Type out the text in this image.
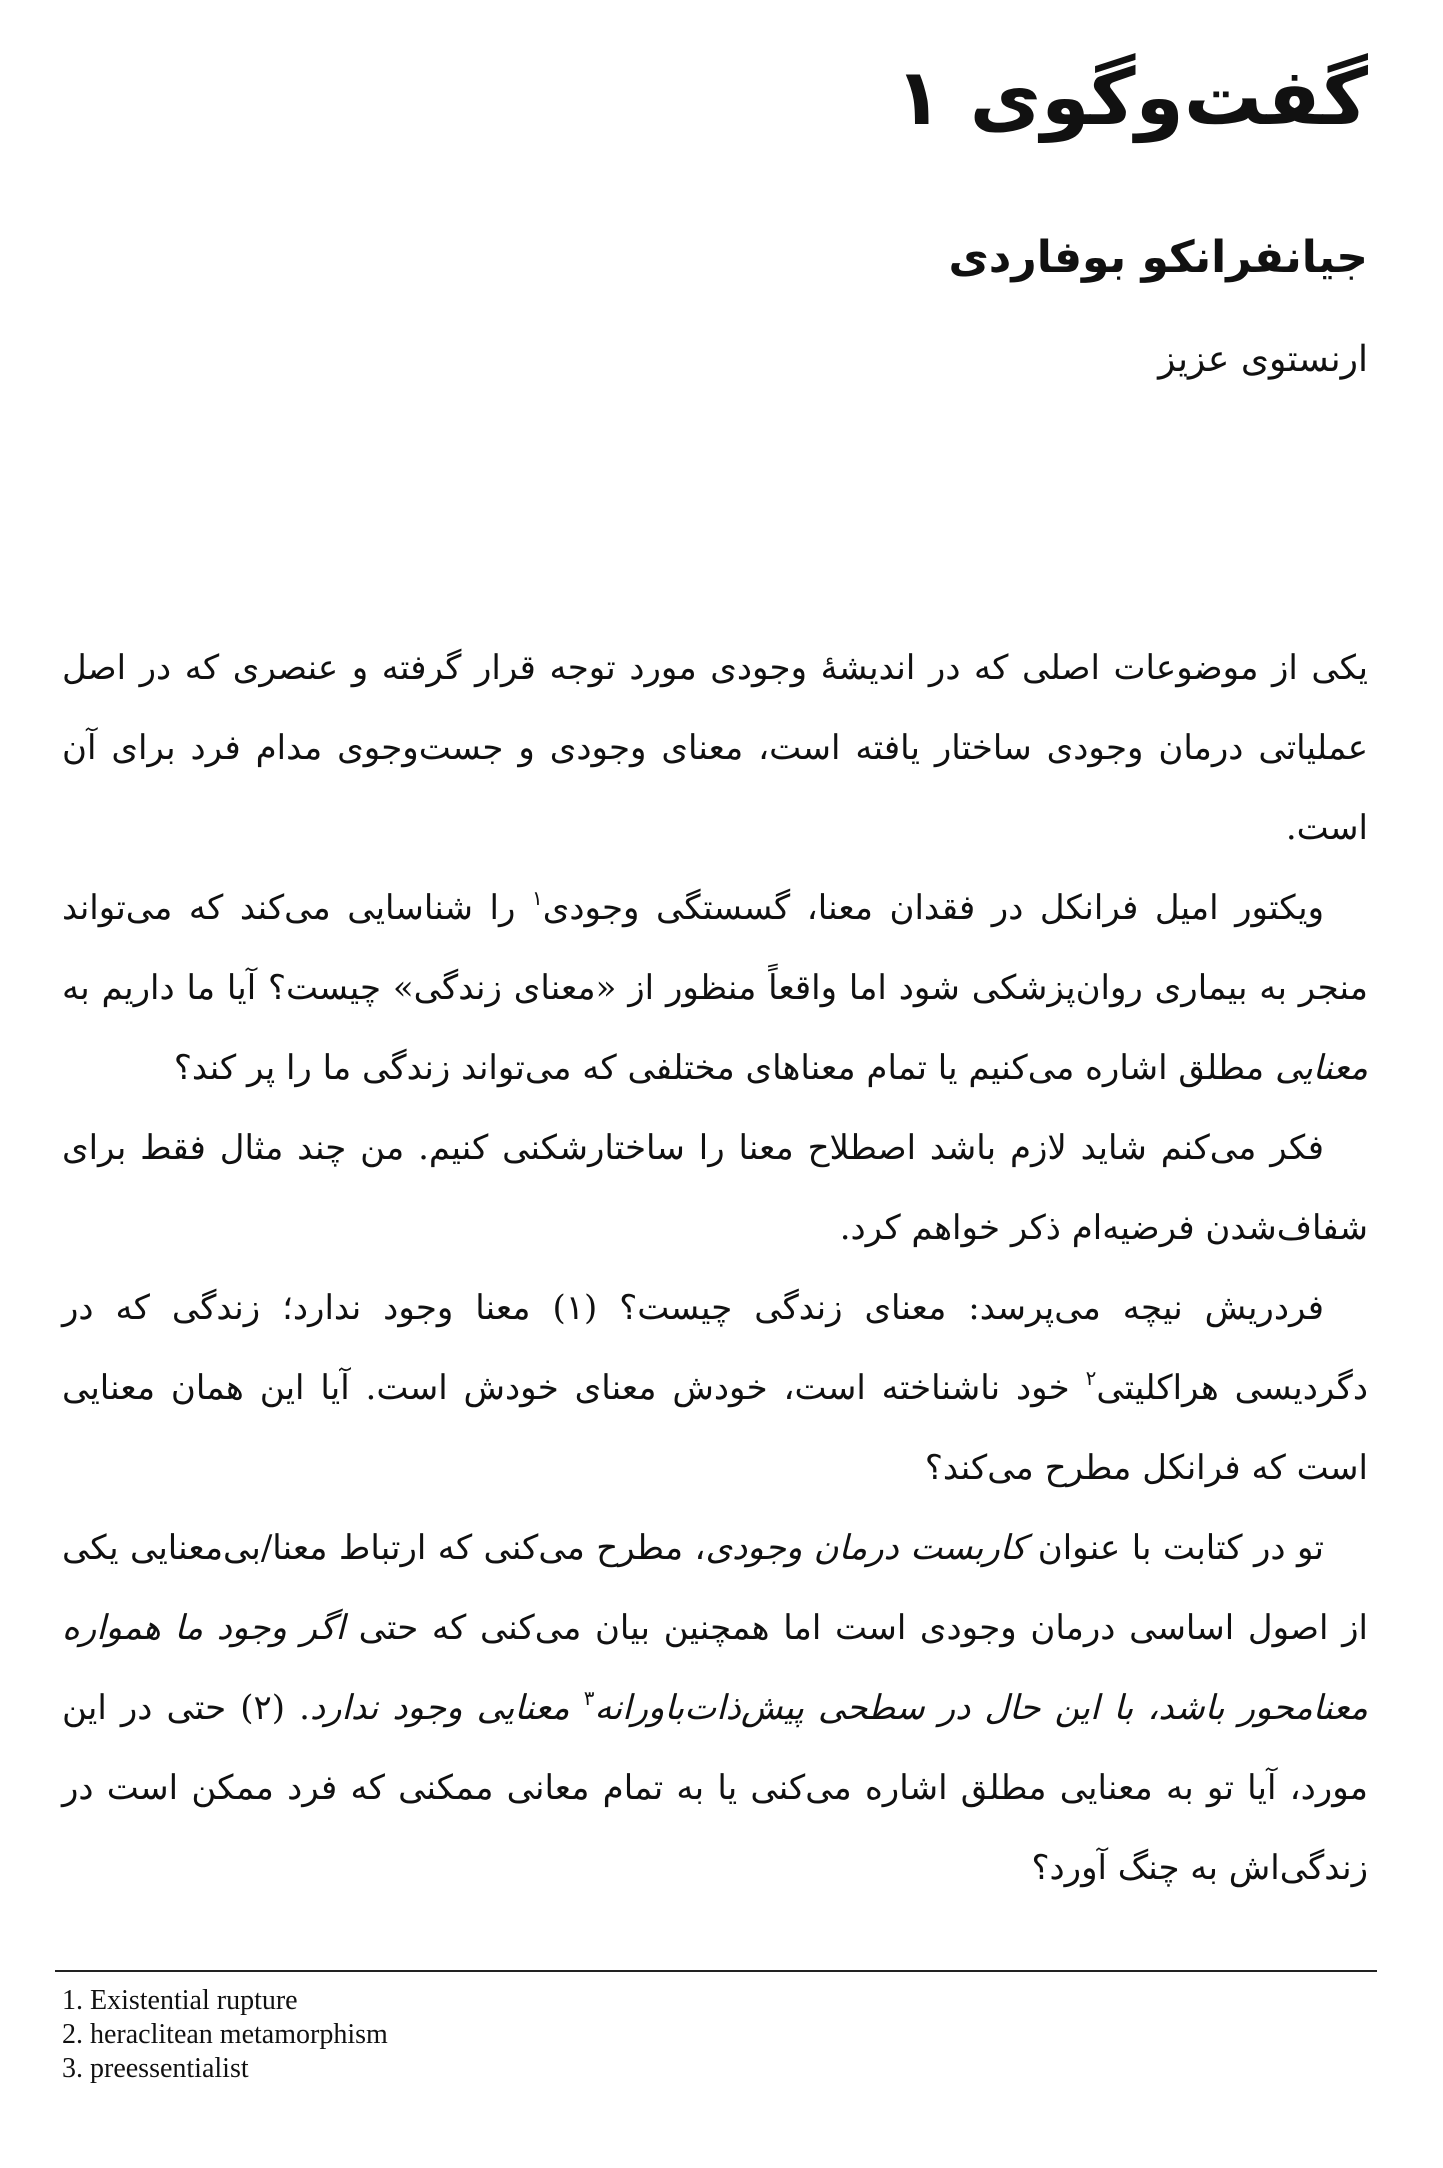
گفت‌وگوی ۱
جیانفرانکو بوفاردی

ارنستوی عزیز

یکی از موضوعات اصلی که در اندیشهٔ وجودی مورد توجه قرار گرفته و عنصری که در اصل عملیاتی درمان وجودی ساختار یافته است، معنای وجودی و جست‌وجوی مدام فرد برای آن است.

ویکتور امیل فرانکل در فقدان معنا، گسستگی وجودی$^۱$ را شناسایی می‌کند که می‌تواند منجر به بیماری روان‌پزشکی شود اما واقعاً منظور از «معنای زندگی» چیست؟ آیا ما داریم به معنایی مطلق اشاره می‌کنیم یا تمام معناهای مختلفی که می‌تواند زندگی ما را پر کند؟

فکر می‌کنم شاید لازم باشد اصطلاح معنا را ساختارشکنی کنیم. من چند مثال فقط برای شفاف‌شدن فرضیه‌ام ذکر خواهم کرد.

فردریش نیچه می‌پرسد: معنای زندگی چیست؟ (۱) معنا وجود ندارد؛ زندگی که در دگردیسی هراکلیتی$^۲$ خود ناشناخته است، خودش معنای خودش است. آیا این همان معنایی است که فرانکل مطرح می‌کند؟

تو در کتابت با عنوان کاربست درمان وجودی، مطرح می‌کنی که ارتباط معنا/بی‌معنایی یکی از اصول اساسی درمان وجودی است اما همچنین بیان می‌کنی که حتی اگر وجود ما همواره معنامحور باشد، با این حال در سطحی پیش‌ذات‌باورانه$^۳$ معنایی وجود ندارد. (۲) حتی در این مورد، آیا تو به معنایی مطلق اشاره می‌کنی یا به تمام معانی ممکنی که فرد ممکن است در زندگی‌اش به چنگ آورد؟

1. Existential rupture

2. heraclitean metamorphism

3. preessentialist
